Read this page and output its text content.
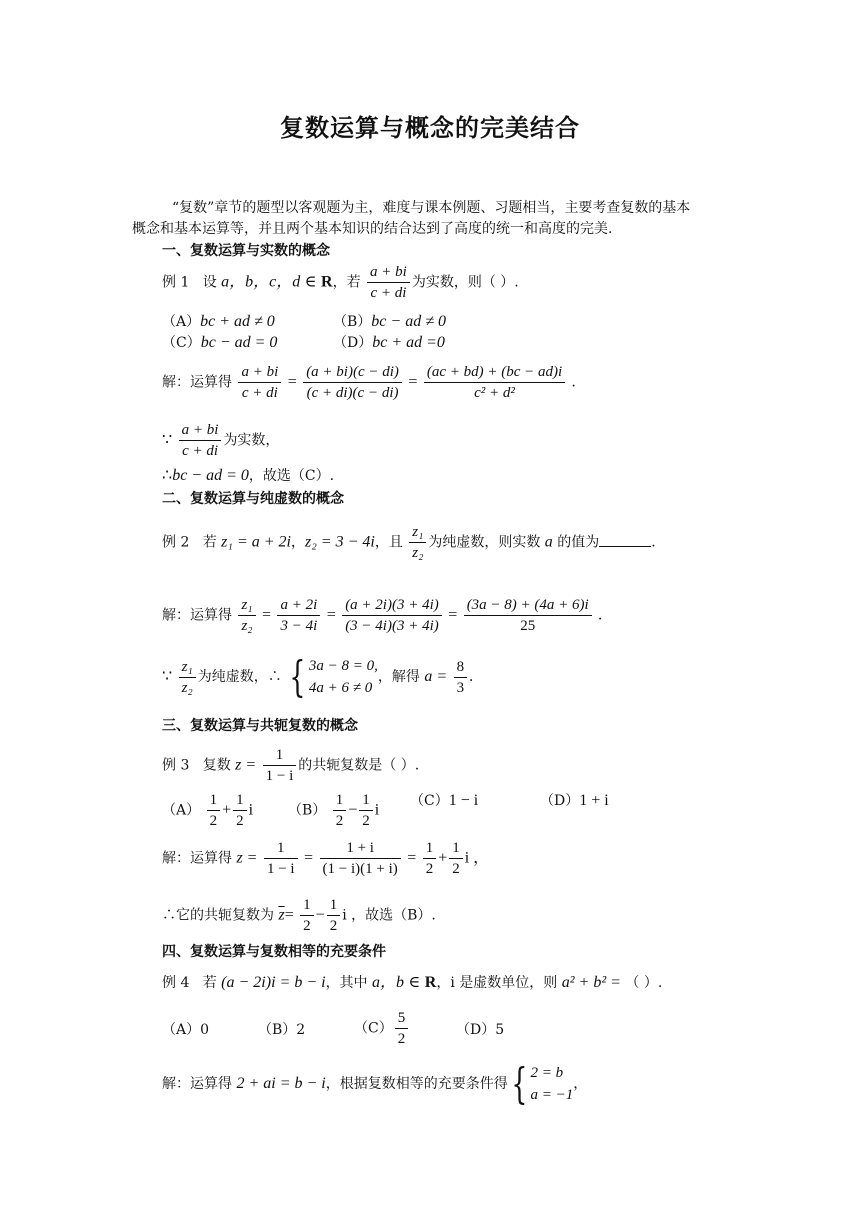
复数运算与概念的完美结合
“复数”章节的题型以客观题为主，难度与课本例题、习题相当，主要考查复数的基本
概念和基本运算等，并且两个基本知识的结合达到了高度的统一和高度的完美.
一、复数运算与实数的概念
例 1 设 a，b，c，d ∈ R，若 $\frac{a + bi}{c + di}$ 为实数，则（ ）.
（A）bc + ad ≠ 0	（B）bc − ad ≠ 0
（C）bc − ad = 0	（D）bc + ad =0
解：运算得 $\frac{a + bi}{c + di} = \frac{(a + bi)(c - di)}{(c + di)(c - di)} = \frac{(ac + bd) + (bc - ad)i}{\text{c² + d²}}$ .
∵ $\frac{a + bi}{c + di}$ 为实数，
∴bc − ad = 0，故选（C）.
二、复数运算与纯虚数的概念
例 2 若 z₁ = a + 2i，z₂ = 3 − 4i，且 $\frac{\text{z₁}}{\text{z₂}}$ 为纯虚数，则实数 a 的值为	.
解：运算得 $\frac{\text{z₁}}{\text{z₂}} = \frac{a + 2i}{3 - 4i} = \frac{(a + 2i)(3 + 4i)}{(3 - 4i)(3 + 4i)} = \frac{(3a - 8) + (4a + 6)i}{25}$ .
∵ $\frac{\text{z₁}}{\text{z₂}}$ 为纯虚数，∴ { 3a − 8 = 0,
4a + 6 ≠ 0
，解得 $a = \frac{8}{3}$ .
三、复数运算与共轭复数的概念
例 3 复数 $z = \frac{1}{1 - i}$ 的共轭复数是（ ）.
$(A) \frac{1}{2} + \frac{1}{2}$ i $(B) \frac{1}{2} - \frac{1}{2}$ i
（C）1 − i	（D）1 + i
解：运算得 $z = \frac{1}{1 - i} = \frac{1 + i}{(1 - i)(1 + i)} = \frac{1}{2} + \frac{1}{2}$ i ，
∴它的共轭复数为 $\overline{z}= \frac{1}{2} - \frac{1}{2}$ i ，故选（B）.
四、复数运算与复数相等的充要条件
例 4 若 (a − 2i)i = b − i，其中 a，b ∈ R，i 是虚数单位，则 a² + b² = （ ）.
（A）0	（B）2	$(C) \frac{5}{2}$	（D）5
解：运算得 2 + ai = b − i，根据复数相等的充要条件得{ 2 = b
a = −1
，
